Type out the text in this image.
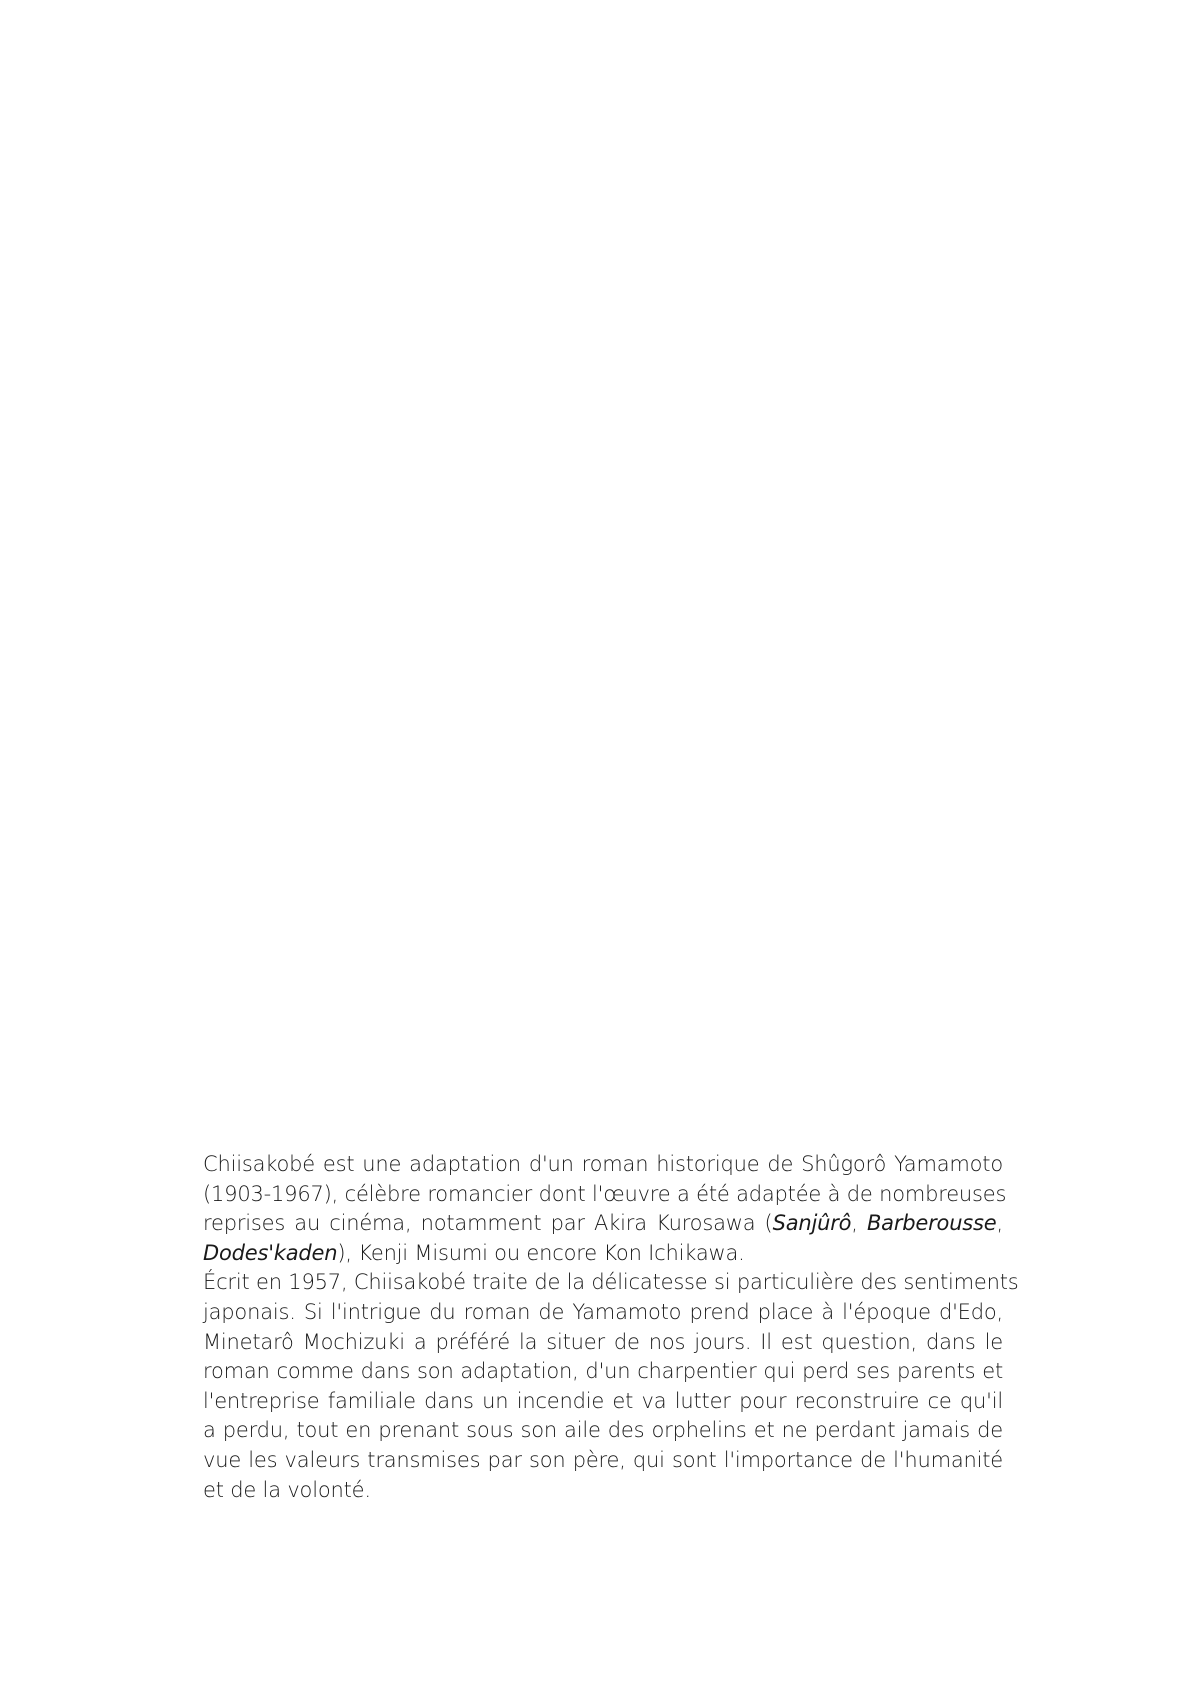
Chiisakobé est une adaptation d'un roman historique de Shûgorô Yamamoto
(1903-1967), célèbre romancier dont l'œuvre a été adaptée à de nombreuses
reprises au cinéma, notamment par Akira Kurosawa (Sanjûrô, Barberousse,
Dodes'kaden), Kenji Misumi ou encore Kon Ichikawa.
Écrit en 1957, Chiisakobé traite de la délicatesse si particulière des sentiments
japonais. Si l'intrigue du roman de Yamamoto prend place à l'époque d'Edo,
Minetarô Mochizuki a préféré la situer de nos jours. Il est question, dans le
roman comme dans son adaptation, d'un charpentier qui perd ses parents et
l'entreprise familiale dans un incendie et va lutter pour reconstruire ce qu'il
a perdu, tout en prenant sous son aile des orphelins et ne perdant jamais de
vue les valeurs transmises par son père, qui sont l'importance de l'humanité
et de la volonté.
